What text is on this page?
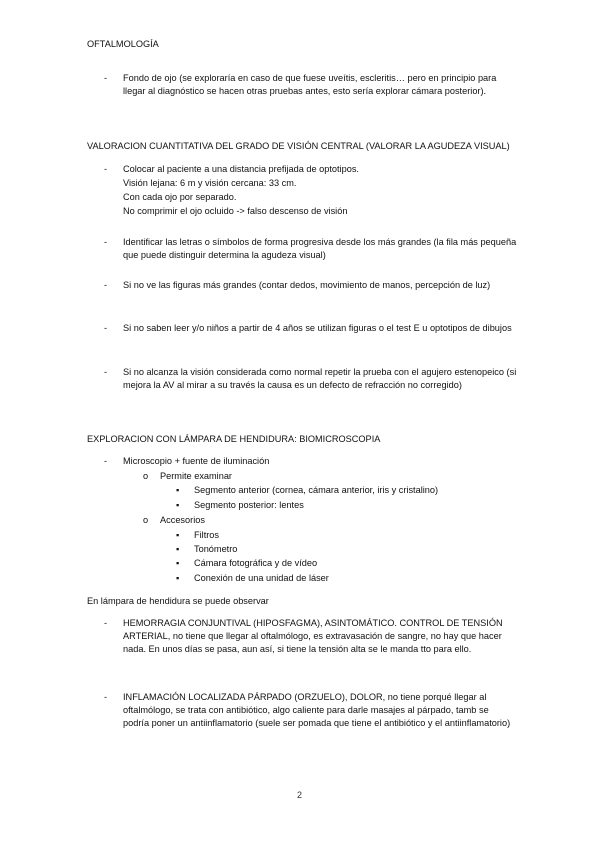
OFTALMOLOGÍA
- Fondo de ojo (se exploraría en caso de que fuese uveítis, escleritis… pero en principio para llegar al diagnóstico se hacen otras pruebas antes, esto sería explorar cámara posterior).
VALORACION CUANTITATIVA DEL GRADO DE VISIÓN CENTRAL (VALORAR LA AGUDEZA VISUAL)
- Colocar al paciente a una distancia prefijada de optotipos.
Visión lejana: 6 m y visión cercana: 33 cm.
Con cada ojo por separado.
No comprimir el ojo ocluido -> falso descenso de visión
- Identificar las letras o símbolos de forma progresiva desde los más grandes (la fila más pequeña que puede distinguir determina la agudeza visual)
- Si no ve las figuras más grandes (contar dedos, movimiento de manos, percepción de luz)
- Si no saben leer y/o niños a partir de 4 años se utilizan figuras o el test E u optotipos de dibujos
- Si no alcanza la visión considerada como normal repetir la prueba con el agujero estenopeico (si mejora la AV al mirar a su través la causa es un defecto de refracción no corregido)
EXPLORACION CON LÁMPARA DE HENDIDURA: BIOMICROSCOPIA
- Microscopio + fuente de iluminación
o Permite examinar
▪ Segmento anterior (cornea, cámara anterior, iris y cristalino)
▪ Segmento posterior: lentes
o Accesorios
▪ Filtros
▪ Tonómetro
▪ Cámara fotográfica y de vídeo
▪ Conexión de una unidad de láser
En lámpara de hendidura se puede observar
- HEMORRAGIA CONJUNTIVAL (HIPOSFAGMA), ASINTOMÁTICO. CONTROL DE TENSIÓN ARTERIAL, no tiene que llegar al oftalmólogo, es extravasación de sangre, no hay que hacer nada. En unos días se pasa, aun así, si tiene la tensión alta se le manda tto para ello.
- INFLAMACIÓN LOCALIZADA PÁRPADO (ORZUELO), DOLOR, no tiene porqué llegar al oftalmólogo, se trata con antibiótico, algo caliente para darle masajes al párpado, tamb se podría poner un antiinflamatorio (suele ser pomada que tiene el antibiótico y el antiinflamatorio)
2
